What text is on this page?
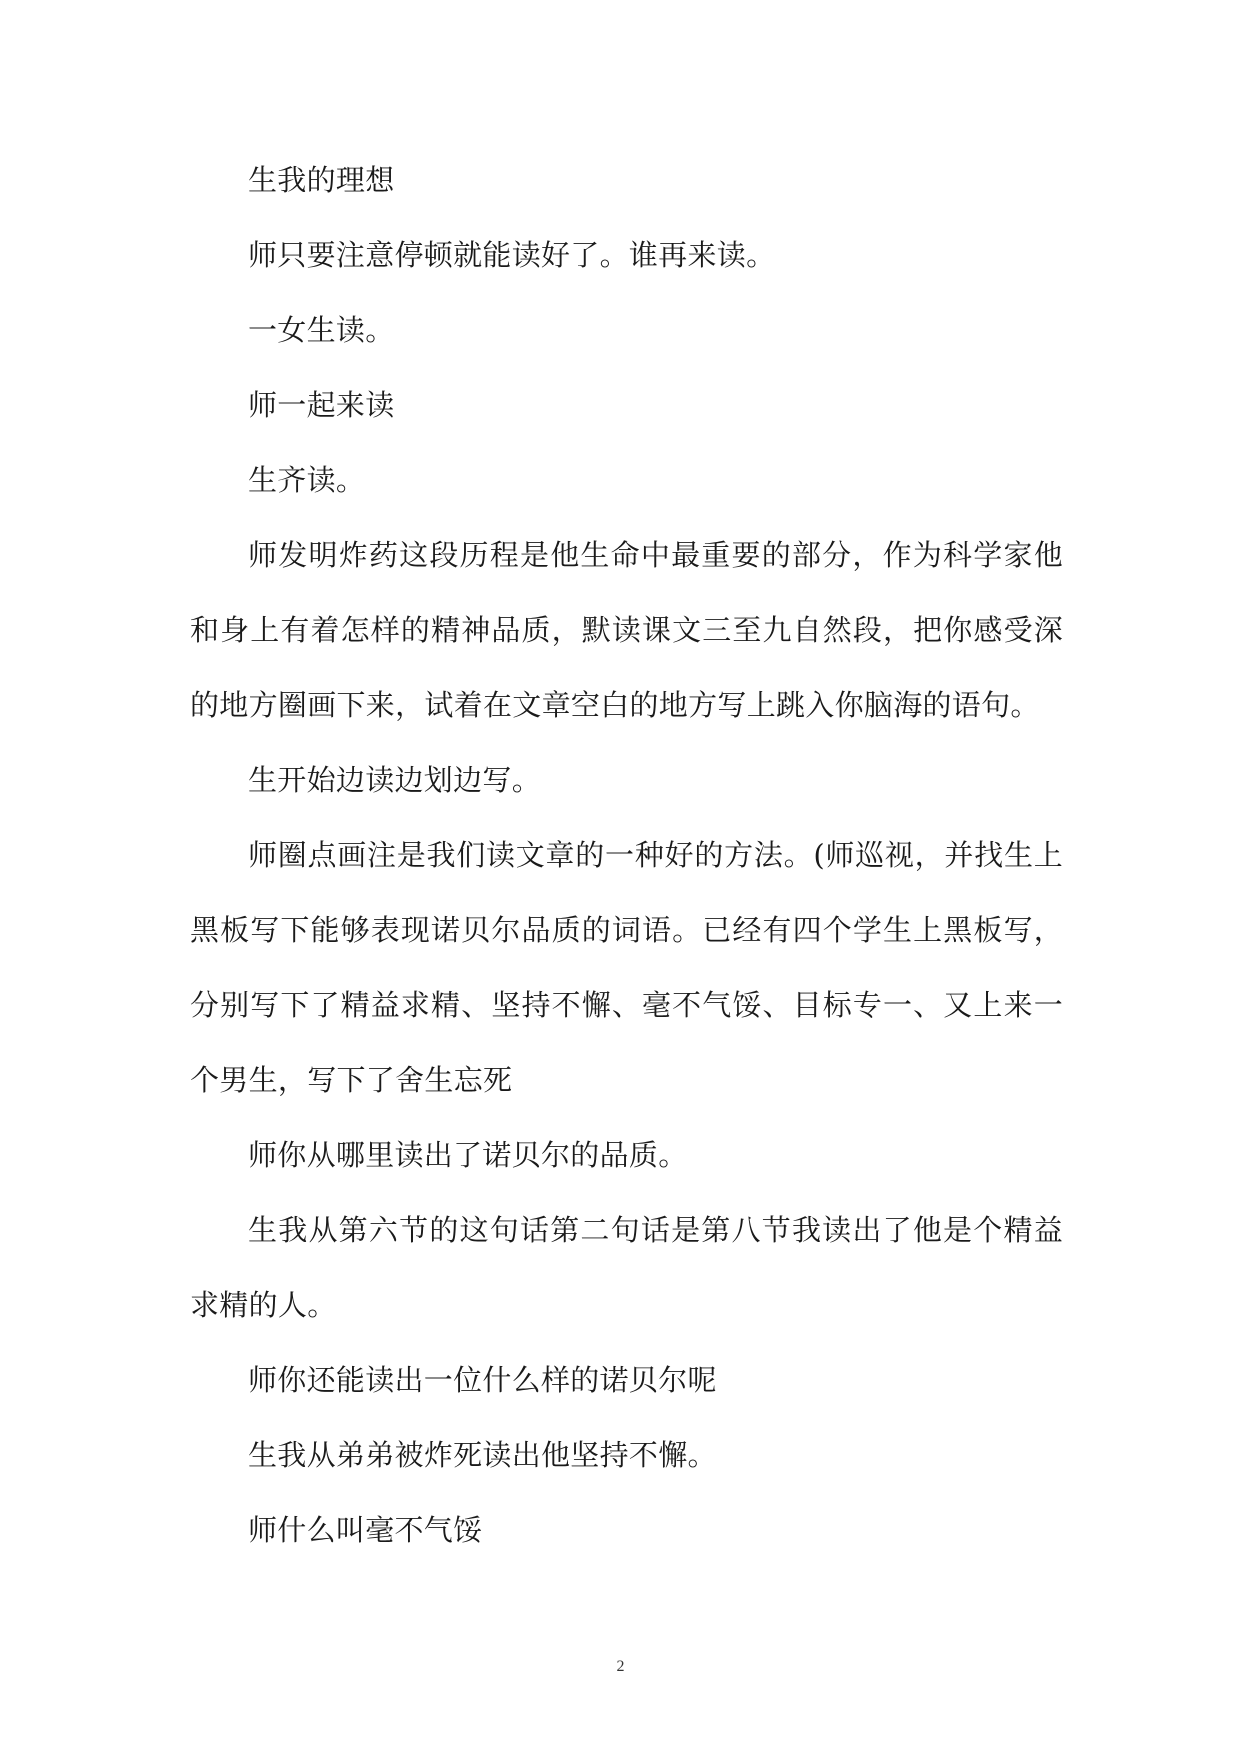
生我的理想

师只要注意停顿就能读好了。谁再来读。

一女生读。

师一起来读

生齐读。

师发明炸药这段历程是他生命中最重要的部分，作为科学家他和身上有着怎样的精神品质，默读课文三至九自然段，把你感受深的地方圈画下来，试着在文章空白的地方写上跳入你脑海的语句。

生开始边读边划边写。

师圈点画注是我们读文章的一种好的方法。(师巡视，并找生上黑板写下能够表现诺贝尔品质的词语。已经有四个学生上黑板写，分别写下了精益求精、坚持不懈、毫不气馁、目标专一、又上来一个男生，写下了舍生忘死

师你从哪里读出了诺贝尔的品质。

生我从第六节的这句话第二句话是第八节我读出了他是个精益求精的人。

师你还能读出一位什么样的诺贝尔呢

生我从弟弟被炸死读出他坚持不懈。

师什么叫毫不气馁

2
